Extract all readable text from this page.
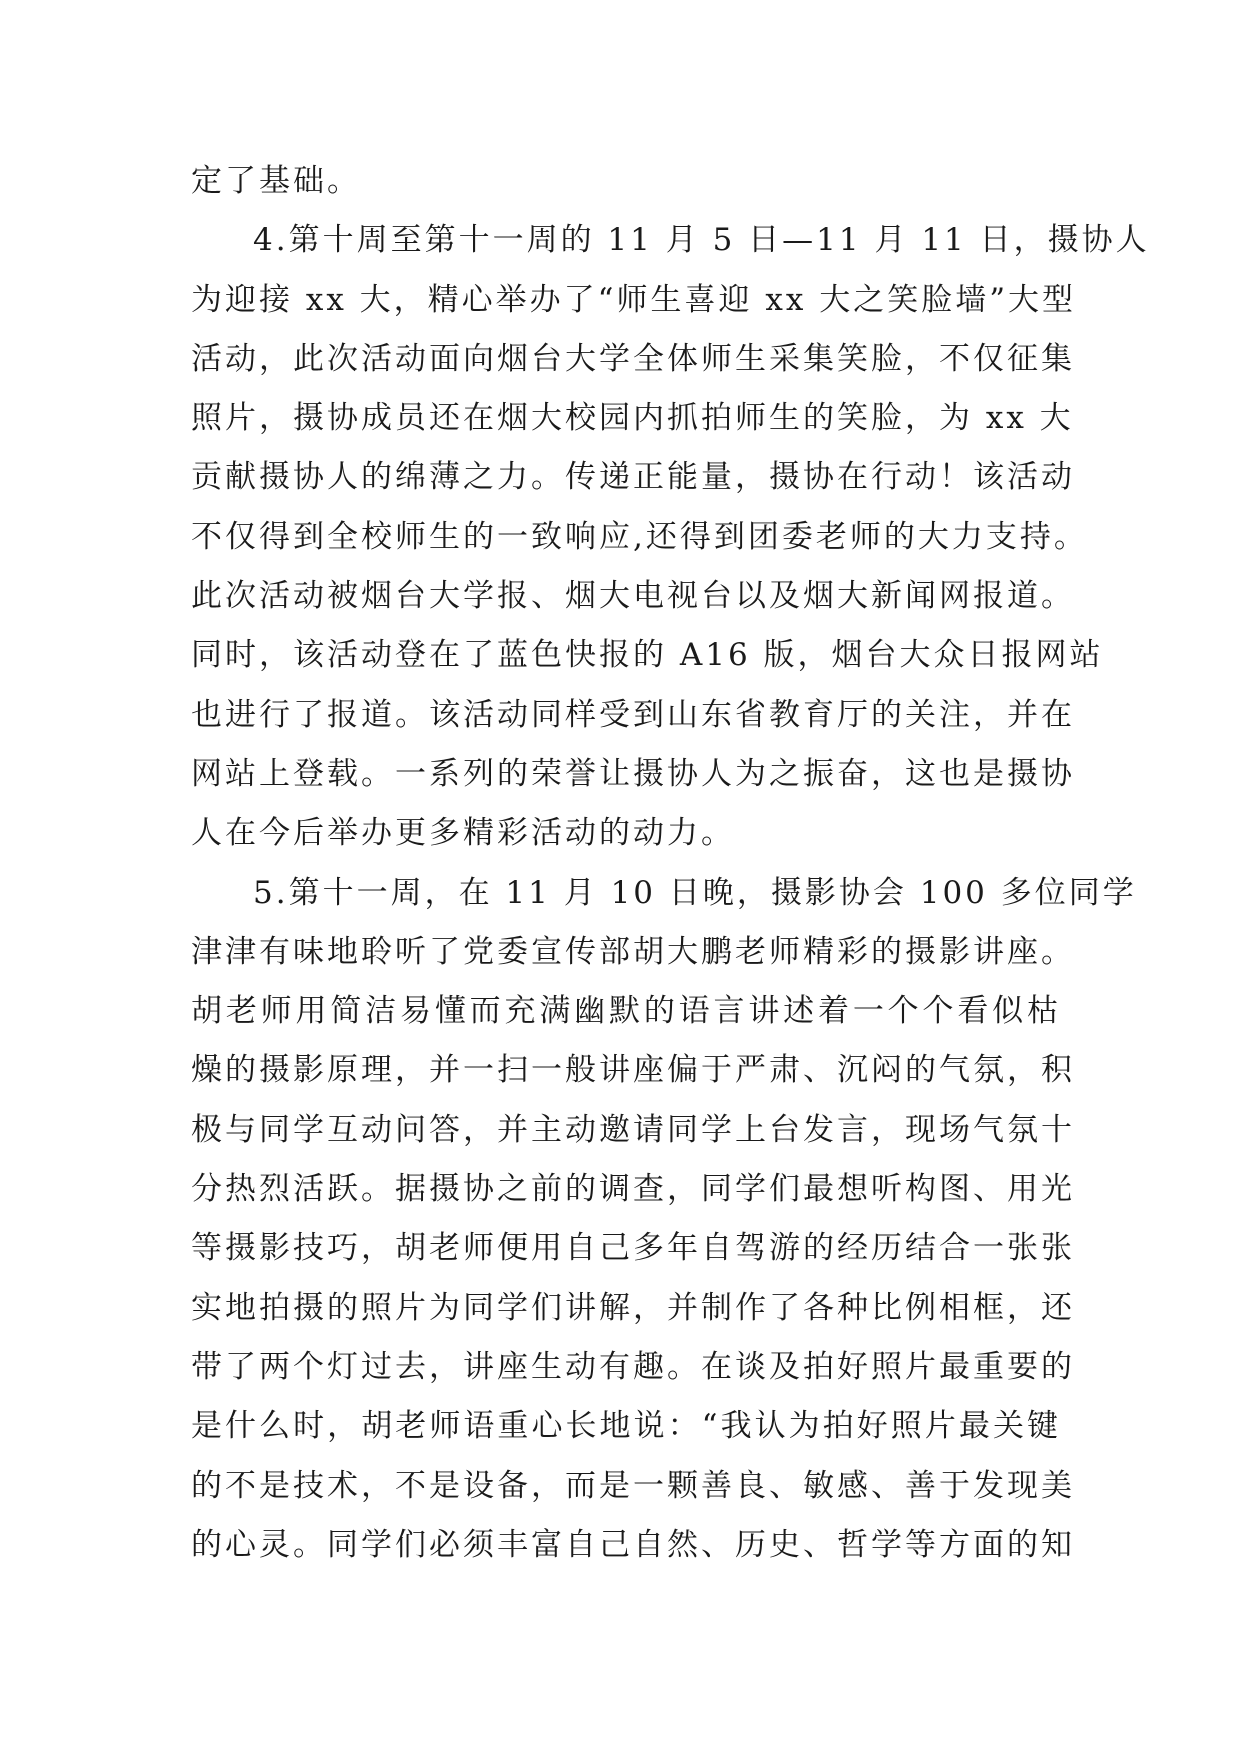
定了基础。
4.第十周至第十一周的 11 月 5 日—11 月 11 日，摄协人
为迎接 xx 大，精心举办了“师生喜迎 xx 大之笑脸墙”大型
活动，此次活动面向烟台大学全体师生采集笑脸，不仅征集
照片，摄协成员还在烟大校园内抓拍师生的笑脸，为 xx 大
贡献摄协人的绵薄之力。传递正能量，摄协在行动！该活动
不仅得到全校师生的一致响应,还得到团委老师的大力支持。
此次活动被烟台大学报、烟大电视台以及烟大新闻网报道。
同时，该活动登在了蓝色快报的 A16 版，烟台大众日报网站
也进行了报道。该活动同样受到山东省教育厅的关注，并在
网站上登载。一系列的荣誉让摄协人为之振奋，这也是摄协
人在今后举办更多精彩活动的动力。
5.第十一周，在 11 月 10 日晚，摄影协会 100 多位同学
津津有味地聆听了党委宣传部胡大鹏老师精彩的摄影讲座。
胡老师用简洁易懂而充满幽默的语言讲述着一个个看似枯
燥的摄影原理，并一扫一般讲座偏于严肃、沉闷的气氛，积
极与同学互动问答，并主动邀请同学上台发言，现场气氛十
分热烈活跃。据摄协之前的调查，同学们最想听构图、用光
等摄影技巧，胡老师便用自己多年自驾游的经历结合一张张
实地拍摄的照片为同学们讲解，并制作了各种比例相框，还
带了两个灯过去，讲座生动有趣。在谈及拍好照片最重要的
是什么时，胡老师语重心长地说：“我认为拍好照片最关键
的不是技术，不是设备，而是一颗善良、敏感、善于发现美
的心灵。同学们必须丰富自己自然、历史、哲学等方面的知
